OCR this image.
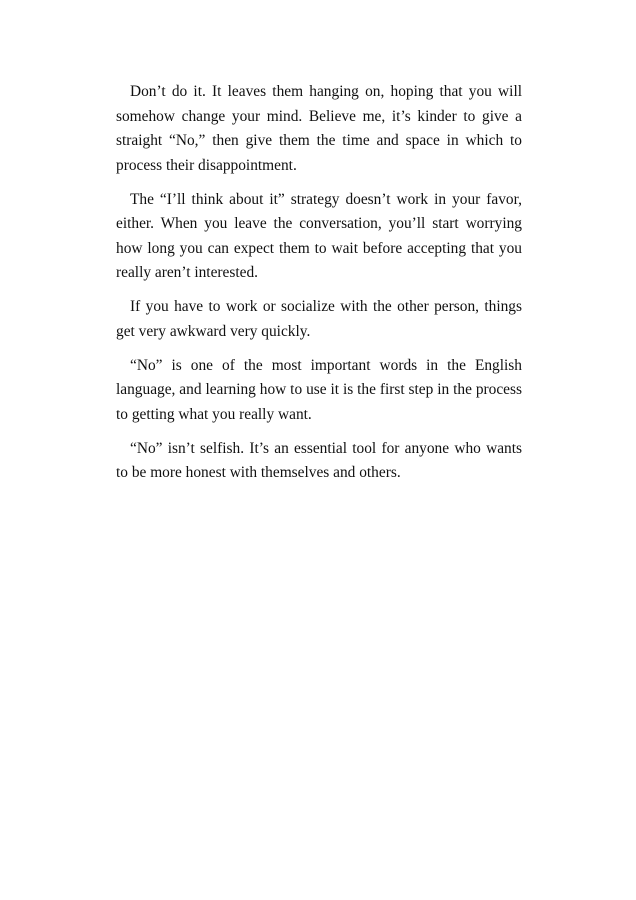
Don’t do it. It leaves them hanging on, hoping that you will somehow change your mind. Believe me, it’s kinder to give a straight “No,” then give them the time and space in which to process their disappointment.

The “I’ll think about it” strategy doesn’t work in your favor, either. When you leave the conversation, you’ll start worrying how long you can expect them to wait before accepting that you really aren’t interested.

If you have to work or socialize with the other person, things get very awkward very quickly.

“No” is one of the most important words in the English language, and learning how to use it is the first step in the process to getting what you really want.

“No” isn’t selfish. It’s an essential tool for anyone who wants to be more honest with themselves and others.
